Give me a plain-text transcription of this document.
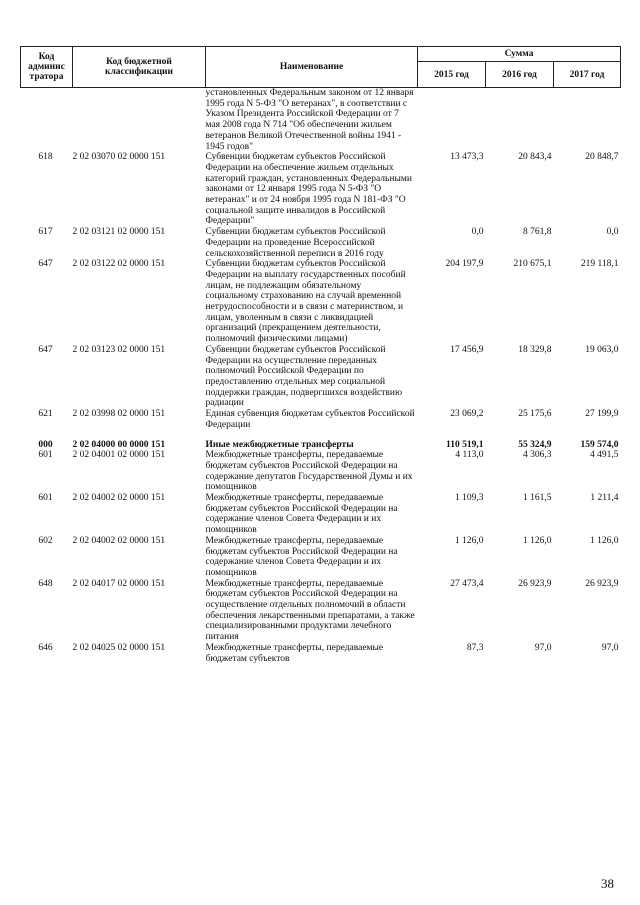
Код админис тратора	Код бюджетной классификации	Наименование	Сумма		
			2015 год	2016 год	2017 год
		установленных Федеральным законом от 12 января 1995 года N 5-ФЗ "О ветеранах", в соответствии с Указом Президента Российской Федерации от 7 мая 2008 года N 714 "Об обеспечении жильем ветеранов Великой Отечественной войны 1941 - 1945 годов"			
618	2 02 03070 02 0000 151	Субвенции бюджетам субъектов Российской Федерации на обеспечение жильем отдельных категорий граждан, установленных Федеральными законами от 12 января 1995 года N 5-ФЗ "О ветеранах" и от 24 ноября 1995 года N 181-ФЗ "О социальной защите инвалидов в Российской Федерации"	13 473,3	20 843,4	20 848,7
617	2 02 03121 02 0000 151	Субвенции бюджетам субъектов Российской Федерации на проведение Всероссийской сельскохозяйственной переписи в 2016 году	0,0	8 761,8	0,0
647	2 02 03122 02 0000 151	Субвенции бюджетам субъектов Российской Федерации на выплату государственных пособий лицам, не подлежащим обязательному социальному страхованию на случай временной нетрудоспособности и в связи с материнством, и лицам, уволенным в связи с ликвидацией организаций (прекращением деятельности, полномочий физическими лицами)	204 197,9	210 675,1	219 118,1
647	2 02 03123 02 0000 151	Субвенции бюджетам субъектов Российской Федерации на осуществление переданных полномочий Российской Федерации по предоставлению отдельных мер социальной поддержки граждан, подвергшихся воздействию радиации	17 456,9	18 329,8	19 063,0
621	2 02 03998 02 0000 151	Единая субвенция бюджетам субъектов Российской Федерации	23 069,2	25 175,6	27 199,9
000	2 02 04000 00 0000 151	Иные межбюджетные трансферты	110 519,1	55 324,9	159 574,0
601	2 02 04001 02 0000 151	Межбюджетные трансферты, передаваемые бюджетам субъектов Российской Федерации на содержание депутатов Государственной Думы и их помощников	4 113,0	4 306,3	4 491,5
601	2 02 04002 02 0000 151	Межбюджетные трансферты, передаваемые бюджетам субъектов Российской Федерации на содержание членов Совета Федерации и их помощников	1 109,3	1 161,5	1 211,4
602	2 02 04002 02 0000 151	Межбюджетные трансферты, передаваемые бюджетам субъектов Российской Федерации на содержание членов Совета Федерации и их помощников	1 126,0	1 126,0	1 126,0
648	2 02 04017 02 0000 151	Межбюджетные трансферты, передаваемые бюджетам субъектов Российской Федерации на осуществление отдельных полномочий в области обеспечения лекарственными препаратами, а также специализированными продуктами лечебного питания	27 473,4	26 923,9	26 923,9
646	2 02 04025 02 0000 151	Межбюджетные трансферты, передаваемые бюджетам субъектов	87,3	97,0	97,0
38
